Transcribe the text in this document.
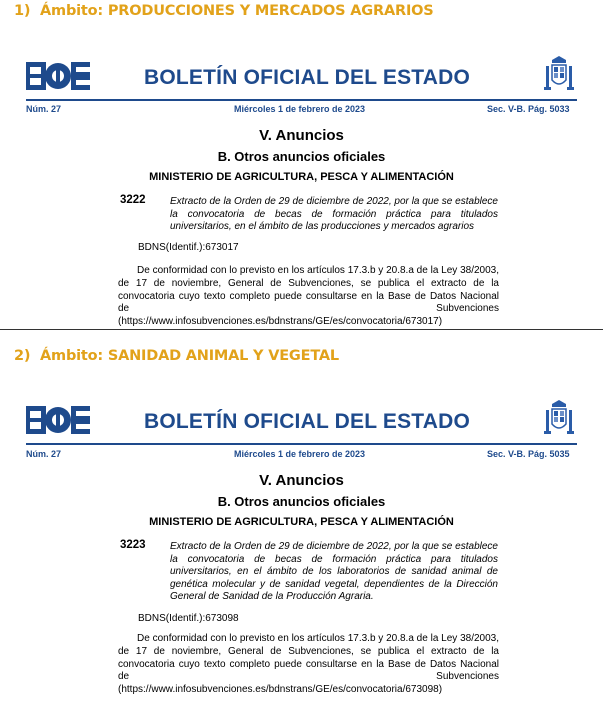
1)  Ámbito: PRODUCCIONES Y MERCADOS AGRARIOS
BOLETÍN OFICIAL DEL ESTADO
Núm. 27	Miércoles 1 de febrero de 2023	Sec. V-B. Pág. 5033
V. Anuncios
B. Otros anuncios oficiales
MINISTERIO DE AGRICULTURA, PESCA Y ALIMENTACIÓN
3222 Extracto de la Orden de 29 de diciembre de 2022, por la que se establece la convocatoria de becas de formación práctica para titulados universitarios, en el ámbito de las producciones y mercados agrarios
BDNS(Identif.):673017
De conformidad con lo previsto en los artículos 17.3.b y 20.8.a de la Ley 38/2003, de 17 de noviembre, General de Subvenciones, se publica el extracto de la convocatoria cuyo texto completo puede consultarse en la Base de Datos Nacional de Subvenciones (https://www.infosubvenciones.es/bdnstrans/GE/es/convocatoria/673017)
2)  Ámbito: SANIDAD ANIMAL Y VEGETAL
BOLETÍN OFICIAL DEL ESTADO
Núm. 27	Miércoles 1 de febrero de 2023	Sec. V-B. Pág. 5035
V. Anuncios
B. Otros anuncios oficiales
MINISTERIO DE AGRICULTURA, PESCA Y ALIMENTACIÓN
3223 Extracto de la Orden de 29 de diciembre de 2022, por la que se establece la convocatoria de becas de formación práctica para titulados universitarios, en el ámbito de los laboratorios de sanidad animal de genética molecular y de sanidad vegetal, dependientes de la Dirección General de Sanidad de la Producción Agraria.
BDNS(Identif.):673098
De conformidad con lo previsto en los artículos 17.3.b y 20.8.a de la Ley 38/2003, de 17 de noviembre, General de Subvenciones, se publica el extracto de la convocatoria cuyo texto completo puede consultarse en la Base de Datos Nacional de Subvenciones (https://www.infosubvenciones.es/bdnstrans/GE/es/convocatoria/673098)
